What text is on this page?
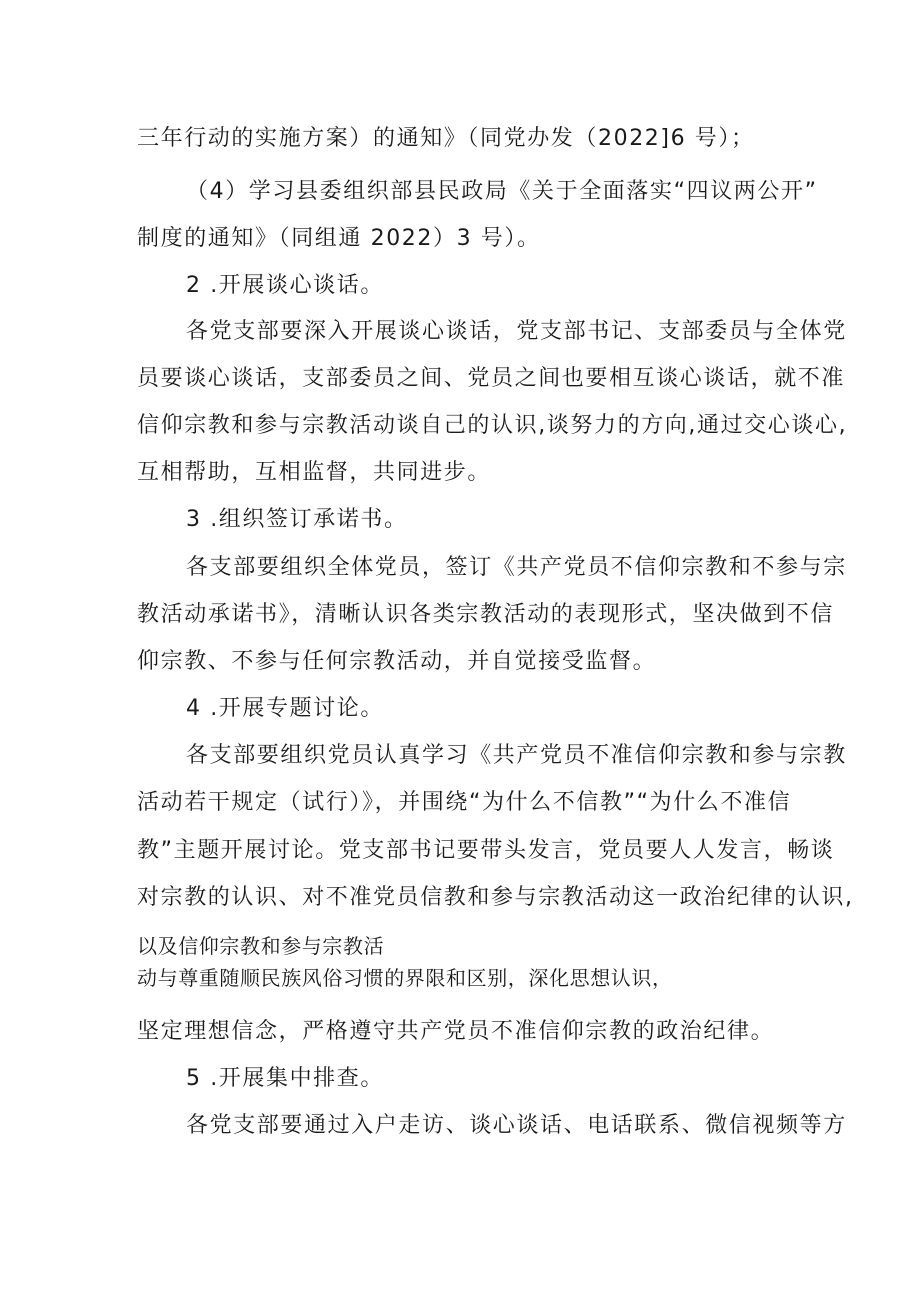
三年行动的实施方案）的通知》（同党办发（2022]6 号）；
（4）学习县委组织部县民政局《关于全面落实“四议两公开”
制度的通知》（同组通 2022）3 号）。
2 .开展谈心谈话。
各党支部要深入开展谈心谈话，党支部书记、支部委员与全体党
员要谈心谈话，支部委员之间、党员之间也要相互谈心谈话，就不准
信仰宗教和参与宗教活动谈自己的认识,谈努力的方向,通过交心谈心,
互相帮助，互相监督，共同进步。
3 .组织签订承诺书。
各支部要组织全体党员，签订《共产党员不信仰宗教和不参与宗
教活动承诺书》，清晰认识各类宗教活动的表现形式，坚决做到不信
仰宗教、不参与任何宗教活动，并自觉接受监督。
4 .开展专题讨论。
各支部要组织党员认真学习《共产党员不准信仰宗教和参与宗教
活动若干规定（试行）》，并围绕“为什么不信教”“为什么不准信
教”主题开展讨论。党支部书记要带头发言，党员要人人发言，畅谈
对宗教的认识、对不准党员信教和参与宗教活动这一政治纪律的认识,
以及信仰宗教和参与宗教活
动与尊重随顺民族风俗习惯的界限和区别，深化思想认识，
坚定理想信念，严格遵守共产党员不准信仰宗教的政治纪律。
5 .开展集中排查。
各党支部要通过入户走访、谈心谈话、电话联系、微信视频等方
